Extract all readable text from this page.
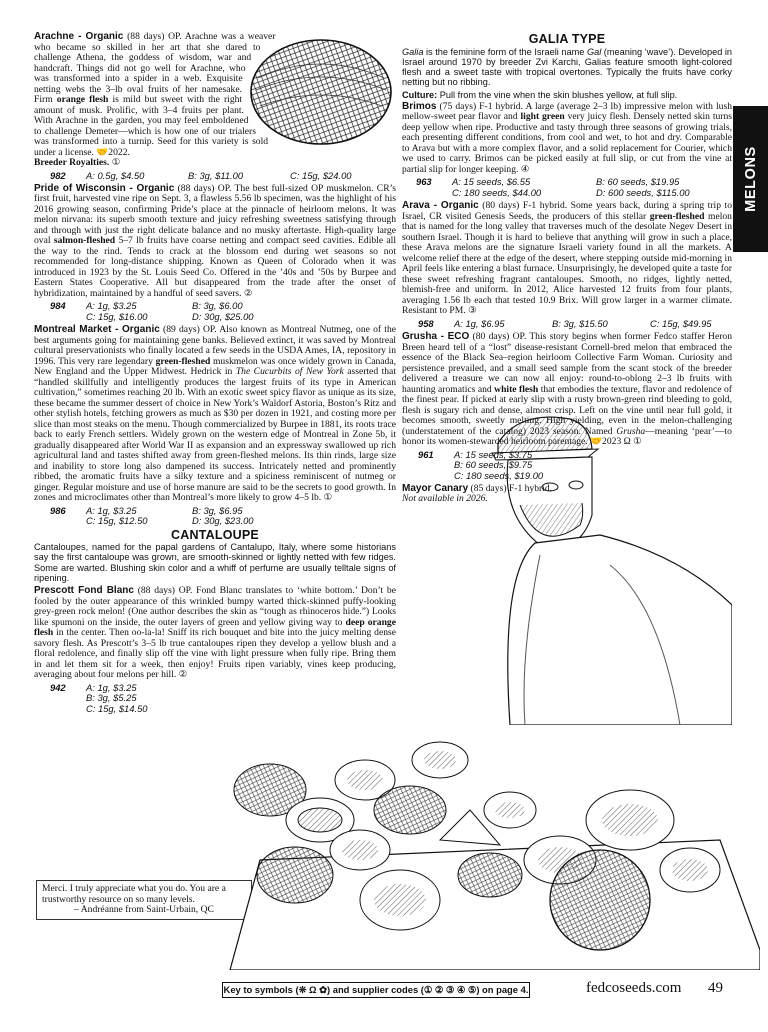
MELONS

Arachne - Organic (88 days) OP. Arachne was a weaver who became so skilled in her art that she dared to challenge Athena, the goddess of wisdom, war and handcraft. Things did not go well for Arachne, who was transformed into a spider in a web. Exquisite netting webs the 3–lb oval fruits of her namesake. Firm orange flesh is mild but sweet with the right amount of musk. Prolific, with 3–4 fruits per plant. With Arachne in the garden, you may feel emboldened to challenge Demeter—which is how one of our trialers was transformed into a turnip. Seed for this variety is sold under a license. 🤝2022.
Breeder Royalties. ①

982	A: 0.5g, $4.50	B: 3g, $11.00	C: 15g, $24.00

Pride of Wisconsin - Organic (88 days) OP. The best full-sized OP muskmelon. CR’s first fruit, harvested vine ripe on Sept. 3, a flawless 5.56 lb specimen, was the highlight of his 2016 growing season, confirming Pride’s place at the pinnacle of heirloom melons. It was melon nirvana: its superb smooth texture and juicy refreshing sweetness satisfying through and through with just the right delicate balance and no musky aftertaste. High-quality large oval salmon-fleshed 5–7 lb fruits have coarse netting and compact seed cavities. Edible all the way to the rind. Tends to crack at the blossom end during wet seasons so not recommended for long-distance shipping. Known as Queen of Colorado when it was introduced in 1923 by the St. Louis Seed Co. Offered in the ’40s and ’50s by Burpee and Eastern States Cooperative. All but disappeared from the trade after the onset of hybridization, maintained by a handful of seed savers. ②

984	A: 1g, $3.25	B: 3g, $6.00
C: 15g, $16.00	D: 30g, $25.00

Montreal Market - Organic (89 days) OP. Also known as Montreal Nutmeg, one of the best arguments going for maintaining gene banks. Believed extinct, it was saved by Montreal cultural preservationists who finally located a few seeds in the USDA Ames, IA, repository in 1996. This very rare legendary green-fleshed muskmelon was once widely grown in Canada, New England and the Upper Midwest. Hedrick in The Cucurbits of New York asserted that “handled skillfully and intelligently produces the largest fruits of its type in American cultivation,” sometimes reaching 20 lb. With an exotic sweet spicy flavor as unique as its size, these became the summer dessert of choice in New York’s Waldorf Astoria, Boston’s Ritz and other stylish hotels, fetching growers as much as $30 per dozen in 1921, and costing more per slice than most steaks on the menu. Though commercialized by Burpee in 1881, its roots trace back to early French settlers. Widely grown on the western edge of Montreal in Zone 5b, it gradually disappeared after World War II as expansion and an expressway swallowed up rich agricultural land and tastes shifted away from green-fleshed melons. Its thin rinds, large size and inability to store long also dampened its success. Intricately netted and prominently ribbed, the aromatic fruits have a silky texture and a spiciness reminiscent of nutmeg or ginger. Regular moisture and use of horse manure are said to be the secrets to good growth. In zones and microclimates other than Montreal’s more likely to grow 4–5 lb. ①

986	A: 1g, $3.25	B: 3g, $6.95
C: 15g, $12.50	D: 30g, $23.00
CANTALOUPE

Cantaloupes, named for the papal gardens of Cantalupo, Italy, where some historians say the first cantaloupe was grown, are smooth-skinned or lightly netted with few ridges. Some are warted. Blushing skin color and a whiff of perfume are usually telltale signs of ripening.

Prescott Fond Blanc (88 days) OP. Fond Blanc translates to ‘white bottom.’ Don’t be fooled by the outer appearance of this wrinkled bumpy warted thick-skinned puffy-looking grey-green rock melon! (One author describes the skin as “tough as rhinoceros hide.”) Looks like spumoni on the inside, the outer layers of green and yellow giving way to deep orange flesh in the center. Then oo-la-la! Sniff its rich bouquet and bite into the juicy melting dense savory flesh. As Prescott’s 3–5 lb true cantaloupes ripen they develop a yellow blush and a floral redolence, and finally slip off the vine with light pressure when fully ripe. Bring them in and let them sit for a week, then enjoy! Fruits ripen variably, vines keep producing, averaging about four melons per hill. ②

942	A: 1g, $3.25
B: 3g, $5.25
C: 15g, $14.50
Merci. I truly appreciate what you do. You are a trustworthy resource on so many levels.
– Andréanne from Saint-Urbain, QC
GALIA TYPE

Galia is the feminine form of the Israeli name Gal (meaning ‘wave’). Developed in Israel around 1970 by breeder Zvi Karchi, Galias feature smooth light-colored flesh and a sweet taste with tropical overtones. Typically the fruits have corky netting but no ribbing.

Culture: Pull from the vine when the skin blushes yellow, at full slip.

Brimos (75 days) F-1 hybrid. A large (average 2–3 lb) impressive melon with lush mellow-sweet pear flavor and light green very juicy flesh. Densely netted skin turns deep yellow when ripe. Productive and tasty through three seasons of growing trials, each presenting different conditions, from cool and wet, to hot and dry. Comparable to Arava but with a more complex flavor, and a solid replacement for Courier, which we used to carry. Brimos can be picked easily at full slip, or cut from the vine at partial slip for longer keeping. ④

963	A: 15 seeds, $6.55	B: 60 seeds, $19.95
C: 180 seeds, $44.00	D: 600 seeds, $115.00

Arava - Organic (80 days) F-1 hybrid. Some years back, during a spring trip to Israel, CR visited Genesis Seeds, the producers of this stellar green-fleshed melon that is named for the long valley that traverses much of the desolate Negev Desert in southern Israel. Though it is hard to believe that anything will grow in such a place, these Arava melons are the signature Israeli variety found in all the markets. A welcome relief there at the edge of the desert, where stepping outside mid-morning in April feels like entering a blast furnace. Unsurprisingly, he developed quite a taste for these sweet refreshing fragrant cantaloupes. Smooth, no ridges, lightly netted, blemish-free and uniform. In 2012, Alice harvested 12 fruits from four plants, averaging 1.56 lb each that tested 10.9 Brix. Will grow larger in a warmer climate. Resistant to PM. ③

958	A: 1g, $6.95	B: 3g, $15.50	C: 15g, $49.95

Grusha - ECO (80 days) OP. This story begins when former Fedco staffer Heron Breen heard tell of a “lost” disease-resistant Cornell-bred melon that embraced the essence of the Black Sea–region heirloom Collective Farm Woman. Curiosity and persistence prevailed, and a small seed sample from the scant stock of the breeder delivered a treasure we can now all enjoy: round-to-oblong 2–3 lb fruits with haunting aromatics and white flesh that embodies the texture, flavor and redolence of the finest pear. If picked at early slip with a rusty brown-green rind bleeding to gold, flesh is sugary rich and dense, almost crisp. Left on the vine until near full gold, it becomes smooth, sweetly melting. High yielding, even in the melon-challenging (understatement of the catalog) 2023 season. Named Grusha—meaning ‘pear’—to honor its women-stewarded heirloom parentage. 🤝2023 Ω ①

961	A: 15 seeds, $3.75
B: 60 seeds, $9.75
C: 180 seeds, $19.00

Mayor Canary (85 days) F-1 hybrid.
Not available in 2026.

Key to symbols (❊ Ω ✿) and supplier codes (① ② ③ ④ ⑤) on page 4.	fedcoseeds.com 49
